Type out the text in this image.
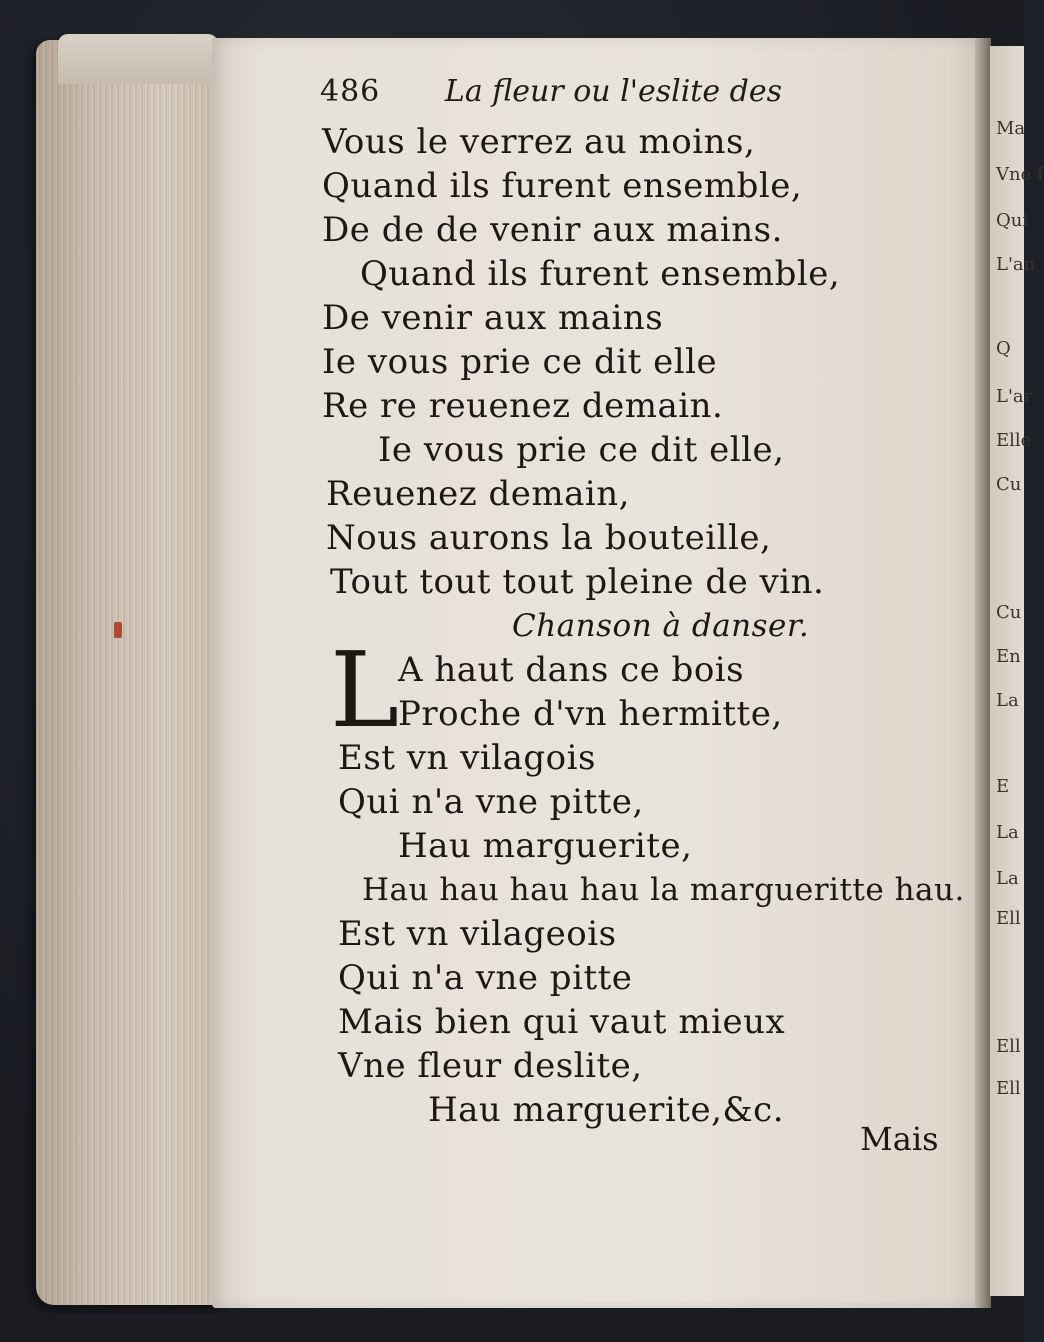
Ma
Vne f
Qui
L'an
Q
L'ar
Elle
Cu
Cu
En
La
E
La
La
Ell
Ell
Ell
486 La fleur ou l'eslite des
Vous le verrez au moins,
Quand ils furent ensemble,
De de de venir aux mains.
Quand ils furent ensemble,
De venir aux mains
Ie vous prie ce dit elle
Re re reuenez demain.
Ie vous prie ce dit elle,
Reuenez demain,
Nous aurons la bouteille,
Tout tout tout pleine de vin.
Chanson à danser.
L
A haut dans ce bois
Proche d'vn hermitte,
Est vn vilagois
Qui n'a vne pitte,
Hau marguerite,
Hau hau hau hau la margueritte hau.
Est vn vilageois
Qui n'a vne pitte
Mais bien qui vaut mieux
Vne fleur deslite,
Hau marguerite,&c.
Mais
